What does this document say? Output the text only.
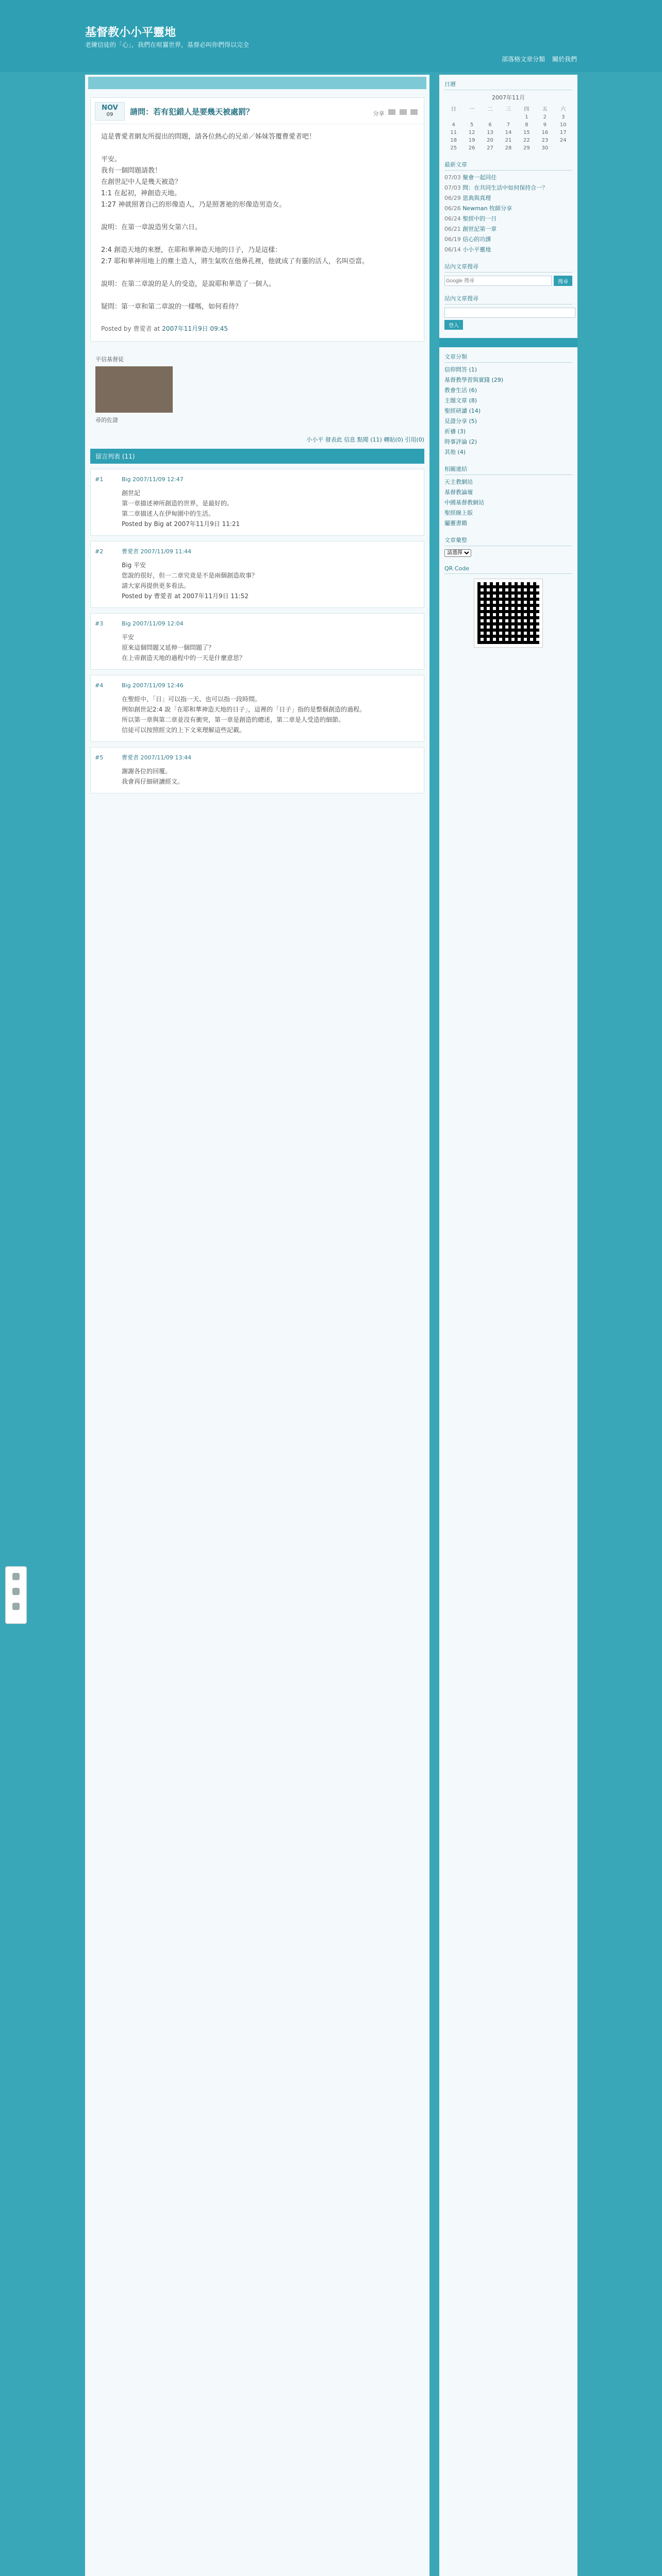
基督教小小平靈地
老練信徒的「心」，我們在喧囂世界，基督必叫你們得以完全
部落格文章分類 關於我們
NOV
09	請問：若有犯錯人是要幾天被處罰？	分享

這是曹愛者網友所提出的問題，請各位熱心的兄弟／姊妹答覆曹愛者吧！

平安。

我有一個問題請教！

在創世記中人是幾天被造？

1:1 在起初，神創造天地。

1:27 神就照著自己的形像造人，乃是照著祂的形像造男造女。

說明：在第一章說造男女第六日。

2:4 創造天地的來歷，在耶和華神造天地的日子，乃是這樣：

2:7 耶和華神用地上的塵土造人，將生氣吹在他鼻孔裡，他就成了有靈的活人，名叫亞當。

說明：在第二章說的是人的受造，是說耶和華造了一個人。

疑問：第一章和第二章說的一樣嗎，如何看待？

Posted by 曹愛者 at 2007年11月9日 09:45
平信基督徒
尋的佐證
小小平 發表此 信息 點閱 (11) 轉貼(0) 引用(0)
留言列表 (11)
#1	Big 2007/11/09 12:47
創世記
第一章描述神所創造的世界，是最好的。
第二章描述人在伊甸園中的生活。
Posted by Big at 2007年11月9日 11:21
#2	曹愛者 2007/11/09 11:44
Big 平安
您說的很好，但一二章究竟是不是兩個創造故事？
請大家再提供更多看法。
Posted by 曹愛者 at 2007年11月9日 11:52
#3	Big 2007/11/09 12:04
平安
原來這個問題又延伸一個問題了？
在上帝創造天地的過程中的一天是什麼意思？
#4	Big 2007/11/09 12:46
在聖經中，「日」可以指一天、也可以指一段時間。
例如創世記2:4 說「在耶和華神造天地的日子」，這裡的「日子」指的是整個創造的過程。
所以第一章與第二章並沒有衝突，第一章是創造的總述，第二章是人受造的細節。
信徒可以按照經文的上下文來理解這些記載。
#5	曹愛者 2007/11/09 13:44
謝謝各位的回覆。
我會再仔細研讀經文。
日曆
2007年11月
日	一	二	三	四	五	六
				1	2	3
4	5	6	7	8	9	10
11	12	13	14	15	16	17
18	19	20	21	22	23	24
25	26	27	28	29	30	
最新文章
07/03 聚會一起同住
07/03 問：在共同生活中如何保持合一？
06/29 恩典與真理
06/26 Newman 牧師分享
06/24 聖經中的一日
06/21 創世記第一章
06/19 信心的功課
06/14 小小平靈地
站內文章搜尋
Google 搜尋
搜尋
站內文章搜尋
登入
文章分類
信仰問答 (1)
基督教學習與實踐 (29)
教會生活 (6)
主題文章 (8)
聖經研讀 (14)
見證分享 (5)
祈禱 (3)
時事評論 (2)
其他 (4)
相關連結
天主教網站
基督教論壇
中國基督教網站
聖經線上版
屬靈書籍
文章彙整
請選擇
QR Code
